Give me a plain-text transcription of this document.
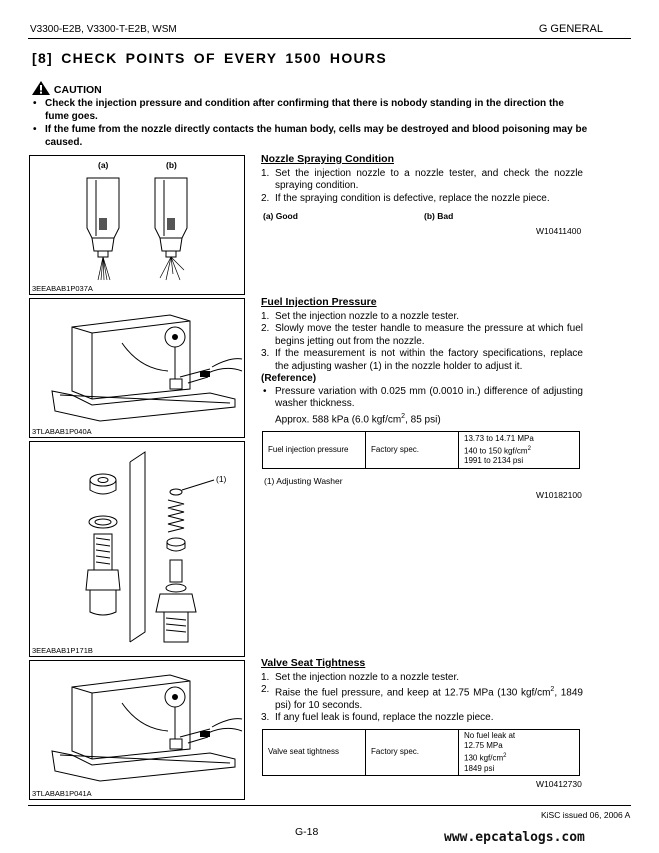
V3300-E2B, V3300-T-E2B, WSM	G GENERAL
[8] CHECK POINTS OF EVERY 1500 HOURS
CAUTION
• Check the injection pressure and condition after confirming that there is nobody standing in the direction the fume goes.
• If the fume from the nozzle directly contacts the human body, cells may be destroyed and blood poisoning may be caused.
(a)	(b)
3EEABAB1P037A
Nozzle Spraying Condition
1. Set the injection nozzle to a nozzle tester, and check the nozzle spraying condition.
2. If the spraying condition is defective, replace the nozzle piece.
(a) Good	(b) Bad
W10411400
3TLABAB1P040A
Fuel Injection Pressure
1. Set the injection nozzle to a nozzle tester.
2. Slowly move the tester handle to measure the pressure at which fuel begins jetting out from the nozzle.
3. If the measurement is not within the factory specifications, replace the adjusting washer (1) in the nozzle holder to adjust it.
(Reference)
• Pressure variation with 0.025 mm (0.0010 in.) difference of adjusting washer thickness.
Approx. 588 kPa (6.0 kgf/$cm^2$, 85 psi)
Fuel injection pressure	Factory spec.	
13.73 to 14.71 MPa
140 to 150 kgf/$cm^2$
1991 to 2134 psi
(1) Adjusting Washer
W10182100
(1)
3EEABAB1P171B
3TLABAB1P041A
Valve Seat Tightness
1. Set the injection nozzle to a nozzle tester.
2. Raise the fuel pressure, and keep at 12.75 MPa (130 kgf/$cm^2$, 1849 psi) for 10 seconds.
3. If any fuel leak is found, replace the nozzle piece.
Valve seat tightness	Factory spec.	
No fuel leak at
12.75 MPa
130 kgf/$cm^2$
1849 psi
W10412730
KiSC issued 06, 2006 A
G-18	www.epcatalogs.com
